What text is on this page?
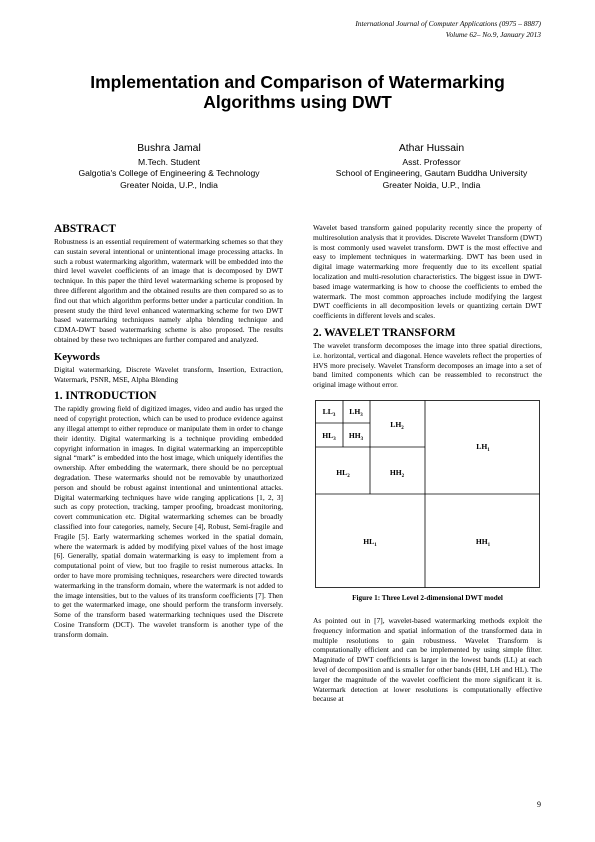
International Journal of Computer Applications (0975 – 8887)
Volume 62– No.9, January 2013
Implementation and Comparison of Watermarking
Algorithms using DWT
Bushra Jamal
M.Tech. Student
Galgotia's College of Engineering & Technology
Greater Noida, U.P., India
Athar Hussain
Asst. Professor
School of Engineering, Gautam Buddha University
Greater Noida, U.P., India
ABSTRACT

Robustness is an essential requirement of watermarking schemes so that they can sustain several intentional or unintentional image processing attacks. In such a robust watermarking algorithm, watermark will be embedded into the third level wavelet coefficients of an image that is decomposed by DWT technique. In this paper the third level watermarking scheme is proposed by three different algorithm and the obtained results are then compared so as to find out that which algorithm performs better under a particular condition. In present study the third level enhanced watermarking scheme for two DWT based watermarking techniques namely alpha blending technique and CDMA-DWT based watermarking scheme is also proposed. The results obtained by these two techniques are further compared and analyzed.

Keywords

Digital watermarking, Discrete Wavelet transform, Insertion, Extraction, Watermark, PSNR, MSE, Alpha Blending

1. INTRODUCTION

The rapidly growing field of digitized images, video and audio has urged the need of copyright protection, which can be used to produce evidence against any illegal attempt to either reproduce or manipulate them in order to change their identity. Digital watermarking is a technique providing embedded copyright information in images. In digital watermarking an imperceptible signal “mark” is embedded into the host image, which uniquely identifies the ownership. After embedding the watermark, there should be no perceptual degradation. These watermarks should not be removable by unauthorized person and should be robust against intentional and unintentional attacks. Digital watermarking techniques have wide ranging applications [1, 2, 3] such as copy protection, tracking, tamper proofing, broadcast monitoring, covert communication etc. Digital watermarking schemes can be broadly classified into four categories, namely, Secure [4], Robust, Semi-fragile and Fragile [5]. Early watermarking schemes worked in the spatial domain, where the watermark is added by modifying pixel values of the host image [6]. Generally, spatial domain watermarking is easy to implement from a computational point of view, but too fragile to resist numerous attacks. In order to have more promising techniques, researchers were directed towards watermarking in the transform domain, where the watermark is not added to the image intensities, but to the values of its transform coefficients [7]. Then to get the watermarked image, one should perform the transform inversely. Some of the transform based watermarking techniques used the Discrete Cosine Transform (DCT). The wavelet transform is another type of the transform domain.

Wavelet based transform gained popularity recently since the property of multiresolution analysis that it provides. Discrete Wavelet Transform (DWT) is most commonly used wavelet transform. DWT is the most effective and easy to implement techniques in watermarking. DWT has been used in digital image watermarking more frequently due to its excellent spatial localization and multi-resolution characteristics. The biggest issue in DWT-based image watermarking is how to choose the coefficients to embed the watermark. The most common approaches include modifying the largest DWT coefficients in all decomposition levels or quantizing certain DWT coefficients in different levels and scales.

2. WAVELET TRANSFORM

The wavelet transform decomposes the image into three spatial directions, i.e. horizontal, vertical and diagonal. Hence wavelets reflect the properties of HVS more precisely. Wavelet Transform decomposes an image into a set of band limited components which can be reassembled to reconstruct the original image without error.

$LL_3$ $LH_3$
$HL_3$ $HH_3$
$LH_2$
$HL_2$	$HH_2$
$LH_1$
$HL_1$	$HH_1$
Figure 1: Three Level 2-dimensional DWT model

As pointed out in [7], wavelet-based watermarking methods exploit the frequency information and spatial information of the transformed data in multiple resolutions to gain robustness. Wavelet Transform is computationally efficient and can be implemented by using simple filter. Magnitude of DWT coefficients is larger in the lowest bands (LL) at each level of decomposition and is smaller for other bands (HH, LH and HL). The larger the magnitude of the wavelet coefficient the more significant it is. Watermark detection at lower resolutions is computationally effective because at

9
